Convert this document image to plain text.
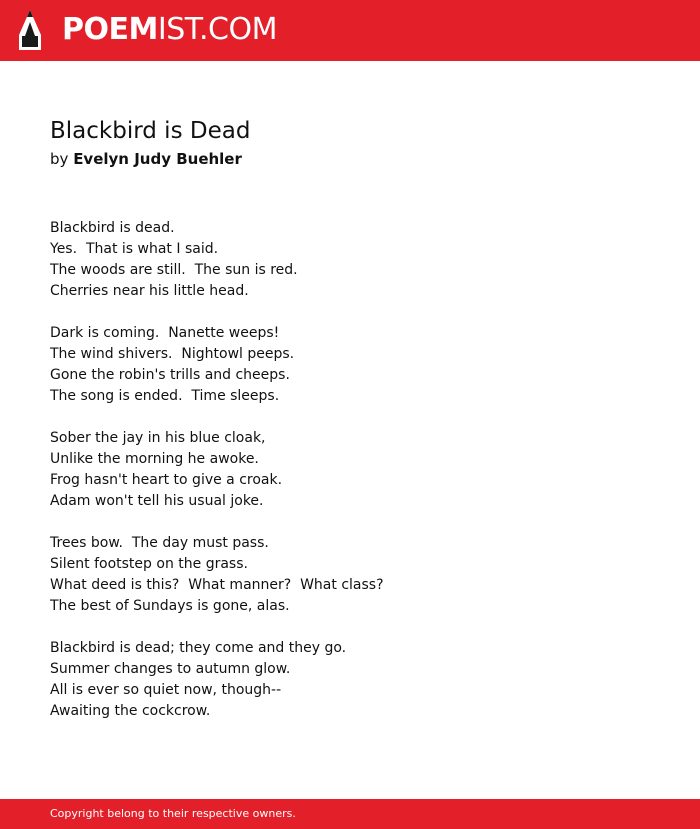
POEMIST.COM
Blackbird is Dead
by Evelyn Judy Buehler
Blackbird is dead.
Yes.  That is what I said.
The woods are still.  The sun is red.
Cherries near his little head.
Dark is coming.  Nanette weeps!
The wind shivers.  Nightowl peeps.
Gone the robin's trills and cheeps.
The song is ended.  Time sleeps.
Sober the jay in his blue cloak,
Unlike the morning he awoke.
Frog hasn't heart to give a croak.
Adam won't tell his usual joke.
Trees bow.  The day must pass.
Silent footstep on the grass.
What deed is this?  What manner?  What class?
The best of Sundays is gone, alas.
Blackbird is dead; they come and they go.
Summer changes to autumn glow.
All is ever so quiet now, though--
Awaiting the cockcrow.
Copyright belong to their respective owners.
